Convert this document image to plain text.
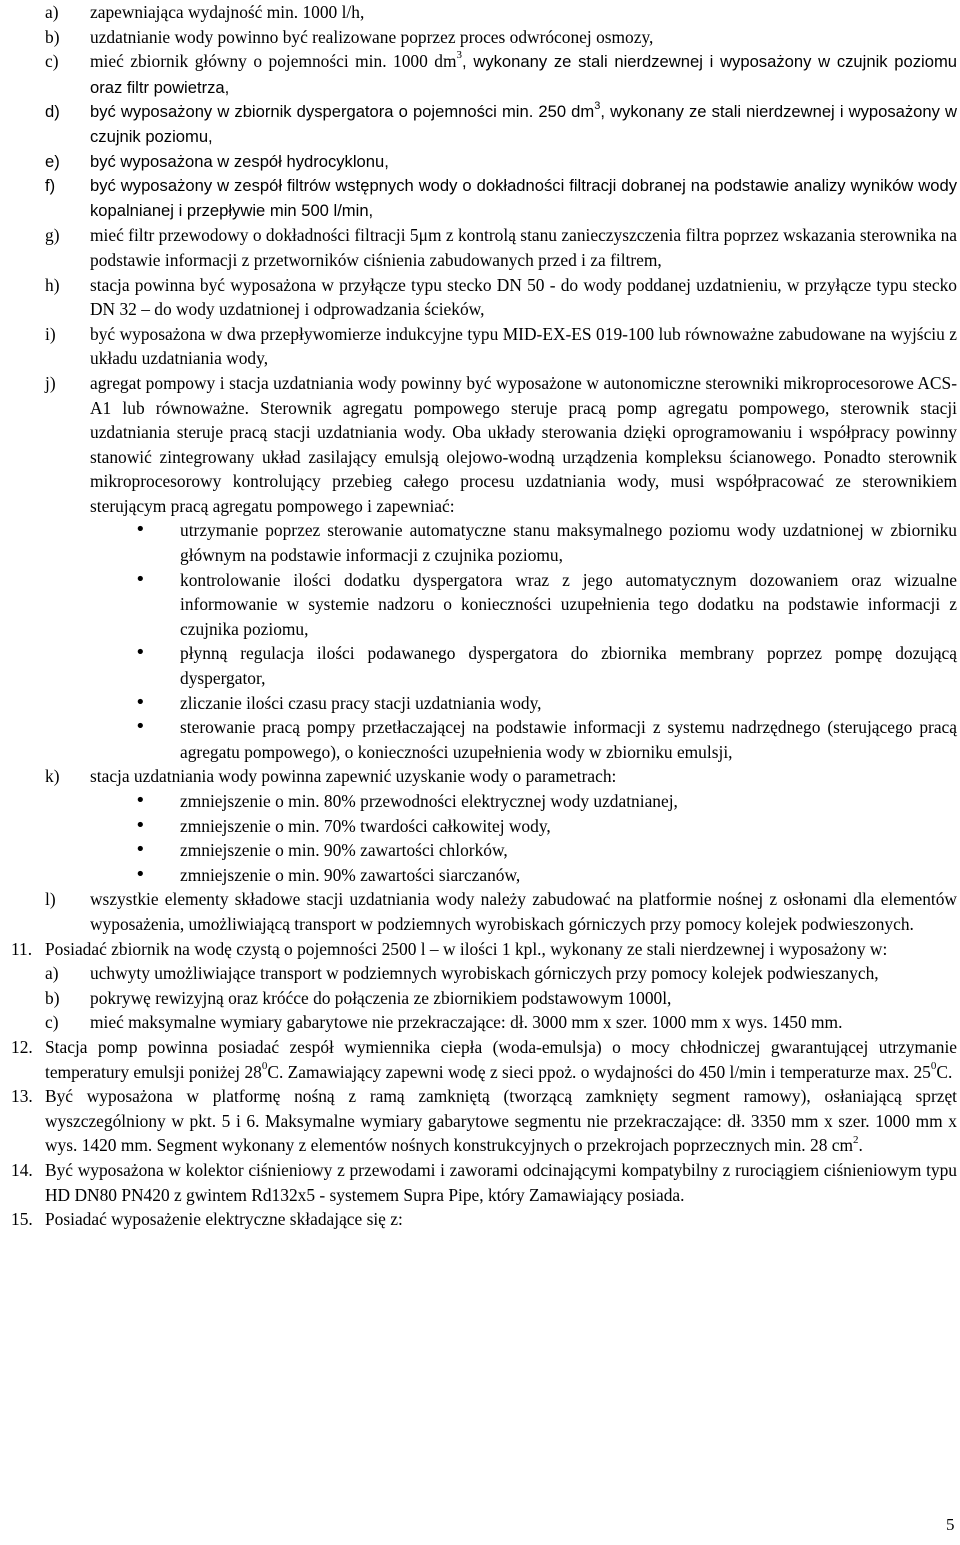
a) zapewniająca wydajność min. 1000 l/h,
b) uzdatnianie wody powinno być realizowane poprzez proces odwróconej osmozy,
c) mieć zbiornik główny o pojemności min. 1000 $dm^3$, wykonany ze stali nierdzewnej i wyposażony w czujnik poziomu oraz filtr powietrza,
d) być wyposażony w zbiornik dyspergatora o pojemności min. 250 $dm^3$, wykonany ze stali nierdzewnej i wyposażony w czujnik poziomu,
e) być wyposażona w zespół hydrocyklonu,
f) być wyposażony w zespół filtrów wstępnych wody o dokładności filtracji dobranej na podstawie analizy wyników wody kopalnianej i przepływie min 500 l/min,
g) mieć filtr przewodowy o dokładności filtracji 5μm z kontrolą stanu zanieczyszczenia filtra poprzez wskazania sterownika na podstawie informacji z przetworników ciśnienia zabudowanych przed i za filtrem,
h) stacja powinna być wyposażona w przyłącze typu stecko DN 50 - do wody poddanej uzdatnieniu, w przyłącze typu stecko DN 32 – do wody uzdatnionej i odprowadzania ścieków,
i) być wyposażona w dwa przepływomierze indukcyjne typu MID-EX-ES 019-100 lub równoważne zabudowane na wyjściu z układu uzdatniania wody,
j) agregat pompowy i stacja uzdatniania wody powinny być wyposażone w autonomiczne sterowniki mikroprocesorowe ACS-A1 lub równoważne. Sterownik agregatu pompowego steruje pracą pomp agregatu pompowego, sterownik stacji uzdatniania steruje pracą stacji uzdatniania wody. Oba układy sterowania dzięki oprogramowaniu i współpracy powinny stanowić zintegrowany układ zasilający emulsją olejowo-wodną urządzenia kompleksu ścianowego. Ponadto sterownik mikroprocesorowy kontrolujący przebieg całego procesu uzdatniania wody, musi współpracować ze sterownikiem sterującym pracą agregatu pompowego i zapewniać:
• utrzymanie poprzez sterowanie automatyczne stanu maksymalnego poziomu wody uzdatnionej w zbiorniku głównym na podstawie informacji z czujnika poziomu,
• kontrolowanie ilości dodatku dyspergatora wraz z jego automatycznym dozowaniem oraz wizualne informowanie w systemie nadzoru o konieczności uzupełnienia tego dodatku na podstawie informacji z czujnika poziomu,
• płynną regulacja ilości podawanego dyspergatora do zbiornika membrany poprzez pompę dozującą dyspergator,
• zliczanie ilości czasu pracy stacji uzdatniania wody,
• sterowanie pracą pompy przetłaczającej na podstawie informacji z systemu nadrzędnego (sterującego pracą agregatu pompowego), o konieczności uzupełnienia wody w zbiorniku emulsji,
k) stacja uzdatniania wody powinna zapewnić uzyskanie wody o parametrach:
• zmniejszenie o min. 80% przewodności elektrycznej wody uzdatnianej,
• zmniejszenie o min. 70% twardości całkowitej wody,
• zmniejszenie o min. 90% zawartości chlorków,
• zmniejszenie o min. 90% zawartości siarczanów,
l) wszystkie elementy składowe stacji uzdatniania wody należy zabudować na platformie nośnej z osłonami dla elementów wyposażenia, umożliwiającą transport w podziemnych wyrobiskach górniczych przy pomocy kolejek podwieszonych.
11. Posiadać zbiornik na wodę czystą o pojemności 2500 l – w ilości 1 kpl., wykonany ze stali nierdzewnej i wyposażony w:
a) uchwyty umożliwiające transport w podziemnych wyrobiskach górniczych przy pomocy kolejek podwieszanych,
b) pokrywę rewizyjną oraz króćce do połączenia ze zbiornikiem podstawowym 1000l,
c) mieć maksymalne wymiary gabarytowe nie przekraczające: dł. 3000 mm x szer. 1000 mm x wys. 1450 mm.
12. Stacja pomp powinna posiadać zespół wymiennika ciepła (woda-emulsja) o mocy chłodniczej gwarantującej utrzymanie temperatury emulsji poniżej $28^0C$. Zamawiający zapewni wodę z sieci ppoż. o wydajności do 450 l/min i temperaturze max. $25^0C$.
13. Być wyposażona w platformę nośną z ramą zamkniętą (tworzącą zamknięty segment ramowy), osłaniającą sprzęt wyszczególniony w pkt. 5 i 6. Maksymalne wymiary gabarytowe segmentu nie przekraczające: dł. 3350 mm x szer. 1000 mm x wys. 1420 mm. Segment wykonany z elementów nośnych konstrukcyjnych o przekrojach poprzecznych min. 28 $cm^2$.
14. Być wyposażona w kolektor ciśnieniowy z przewodami i zaworami odcinającymi kompatybilny z rurociągiem ciśnieniowym typu HD DN80 PN420 z gwintem Rd132x5 - systemem Supra Pipe, który Zamawiający posiada.
15. Posiadać wyposażenie elektryczne składające się z:
5
